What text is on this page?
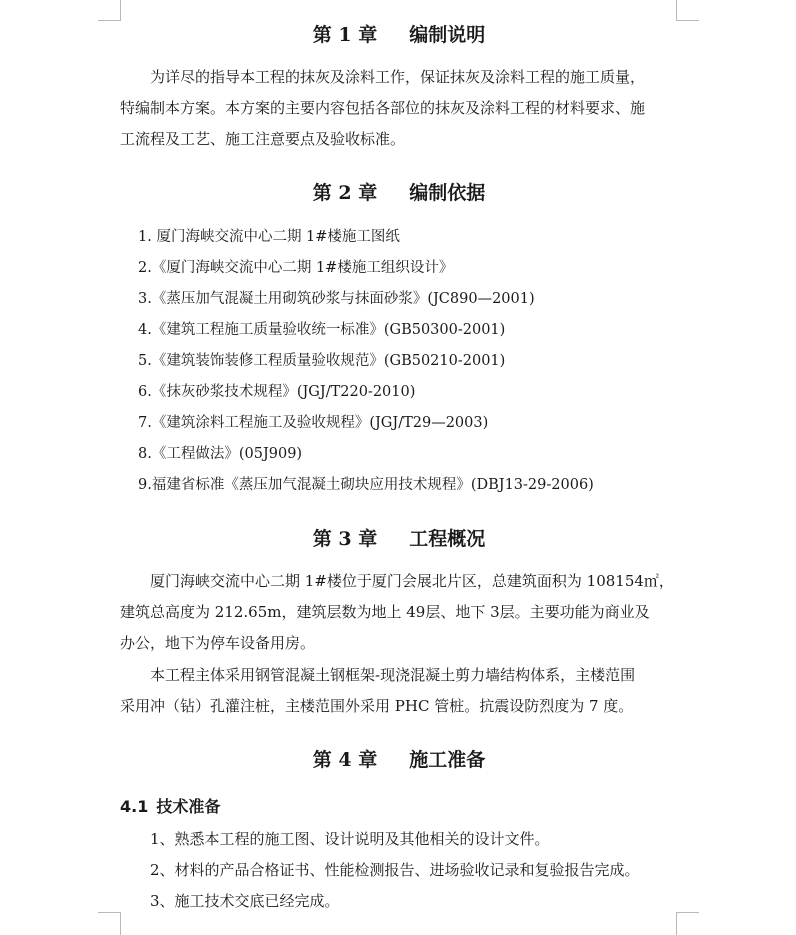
第 1 章 编制说明

为详尽的指导本工程的抹灰及涂料工作，保证抹灰及涂料工程的施工质量，
特编制本方案。本方案的主要内容包括各部位的抹灰及涂料工程的材料要求、施
工流程及工艺、施工注意要点及验收标准。

第 2 章 编制依据
1. 厦门海峡交流中心二期 1#楼施工图纸
2.《厦门海峡交流中心二期 1#楼施工组织设计》
3.《蒸压加气混凝土用砌筑砂浆与抹面砂浆》(JC890—2001)
4.《建筑工程施工质量验收统一标准》(GB50300-2001)
5.《建筑装饰装修工程质量验收规范》(GB50210-2001)
6.《抹灰砂浆技术规程》(JGJ/T220-2010)
7.《建筑涂料工程施工及验收规程》(JGJ/T29—2003)
8.《工程做法》(05J909)
9.福建省标准《蒸压加气混凝土砌块应用技术规程》(DBJ13-29-2006)
第 3 章 工程概况

厦门海峡交流中心二期 1#楼位于厦门会展北片区，总建筑面积为 108154㎡，
建筑总高度为 212.65m，建筑层数为地上 49层、地下 3层。主要功能为商业及
办公，地下为停车设备用房。

本工程主体采用钢管混凝土钢框架-现浇混凝土剪力墙结构体系，主楼范围
采用冲（钻）孔灌注桩，主楼范围外采用 PHC 管桩。抗震设防烈度为 7 度。

第 4 章 施工准备
4.1 技术准备
1、熟悉本工程的施工图、设计说明及其他相关的设计文件。
2、材料的产品合格证书、性能检测报告、进场验收记录和复验报告完成。
3、施工技术交底已经完成。
